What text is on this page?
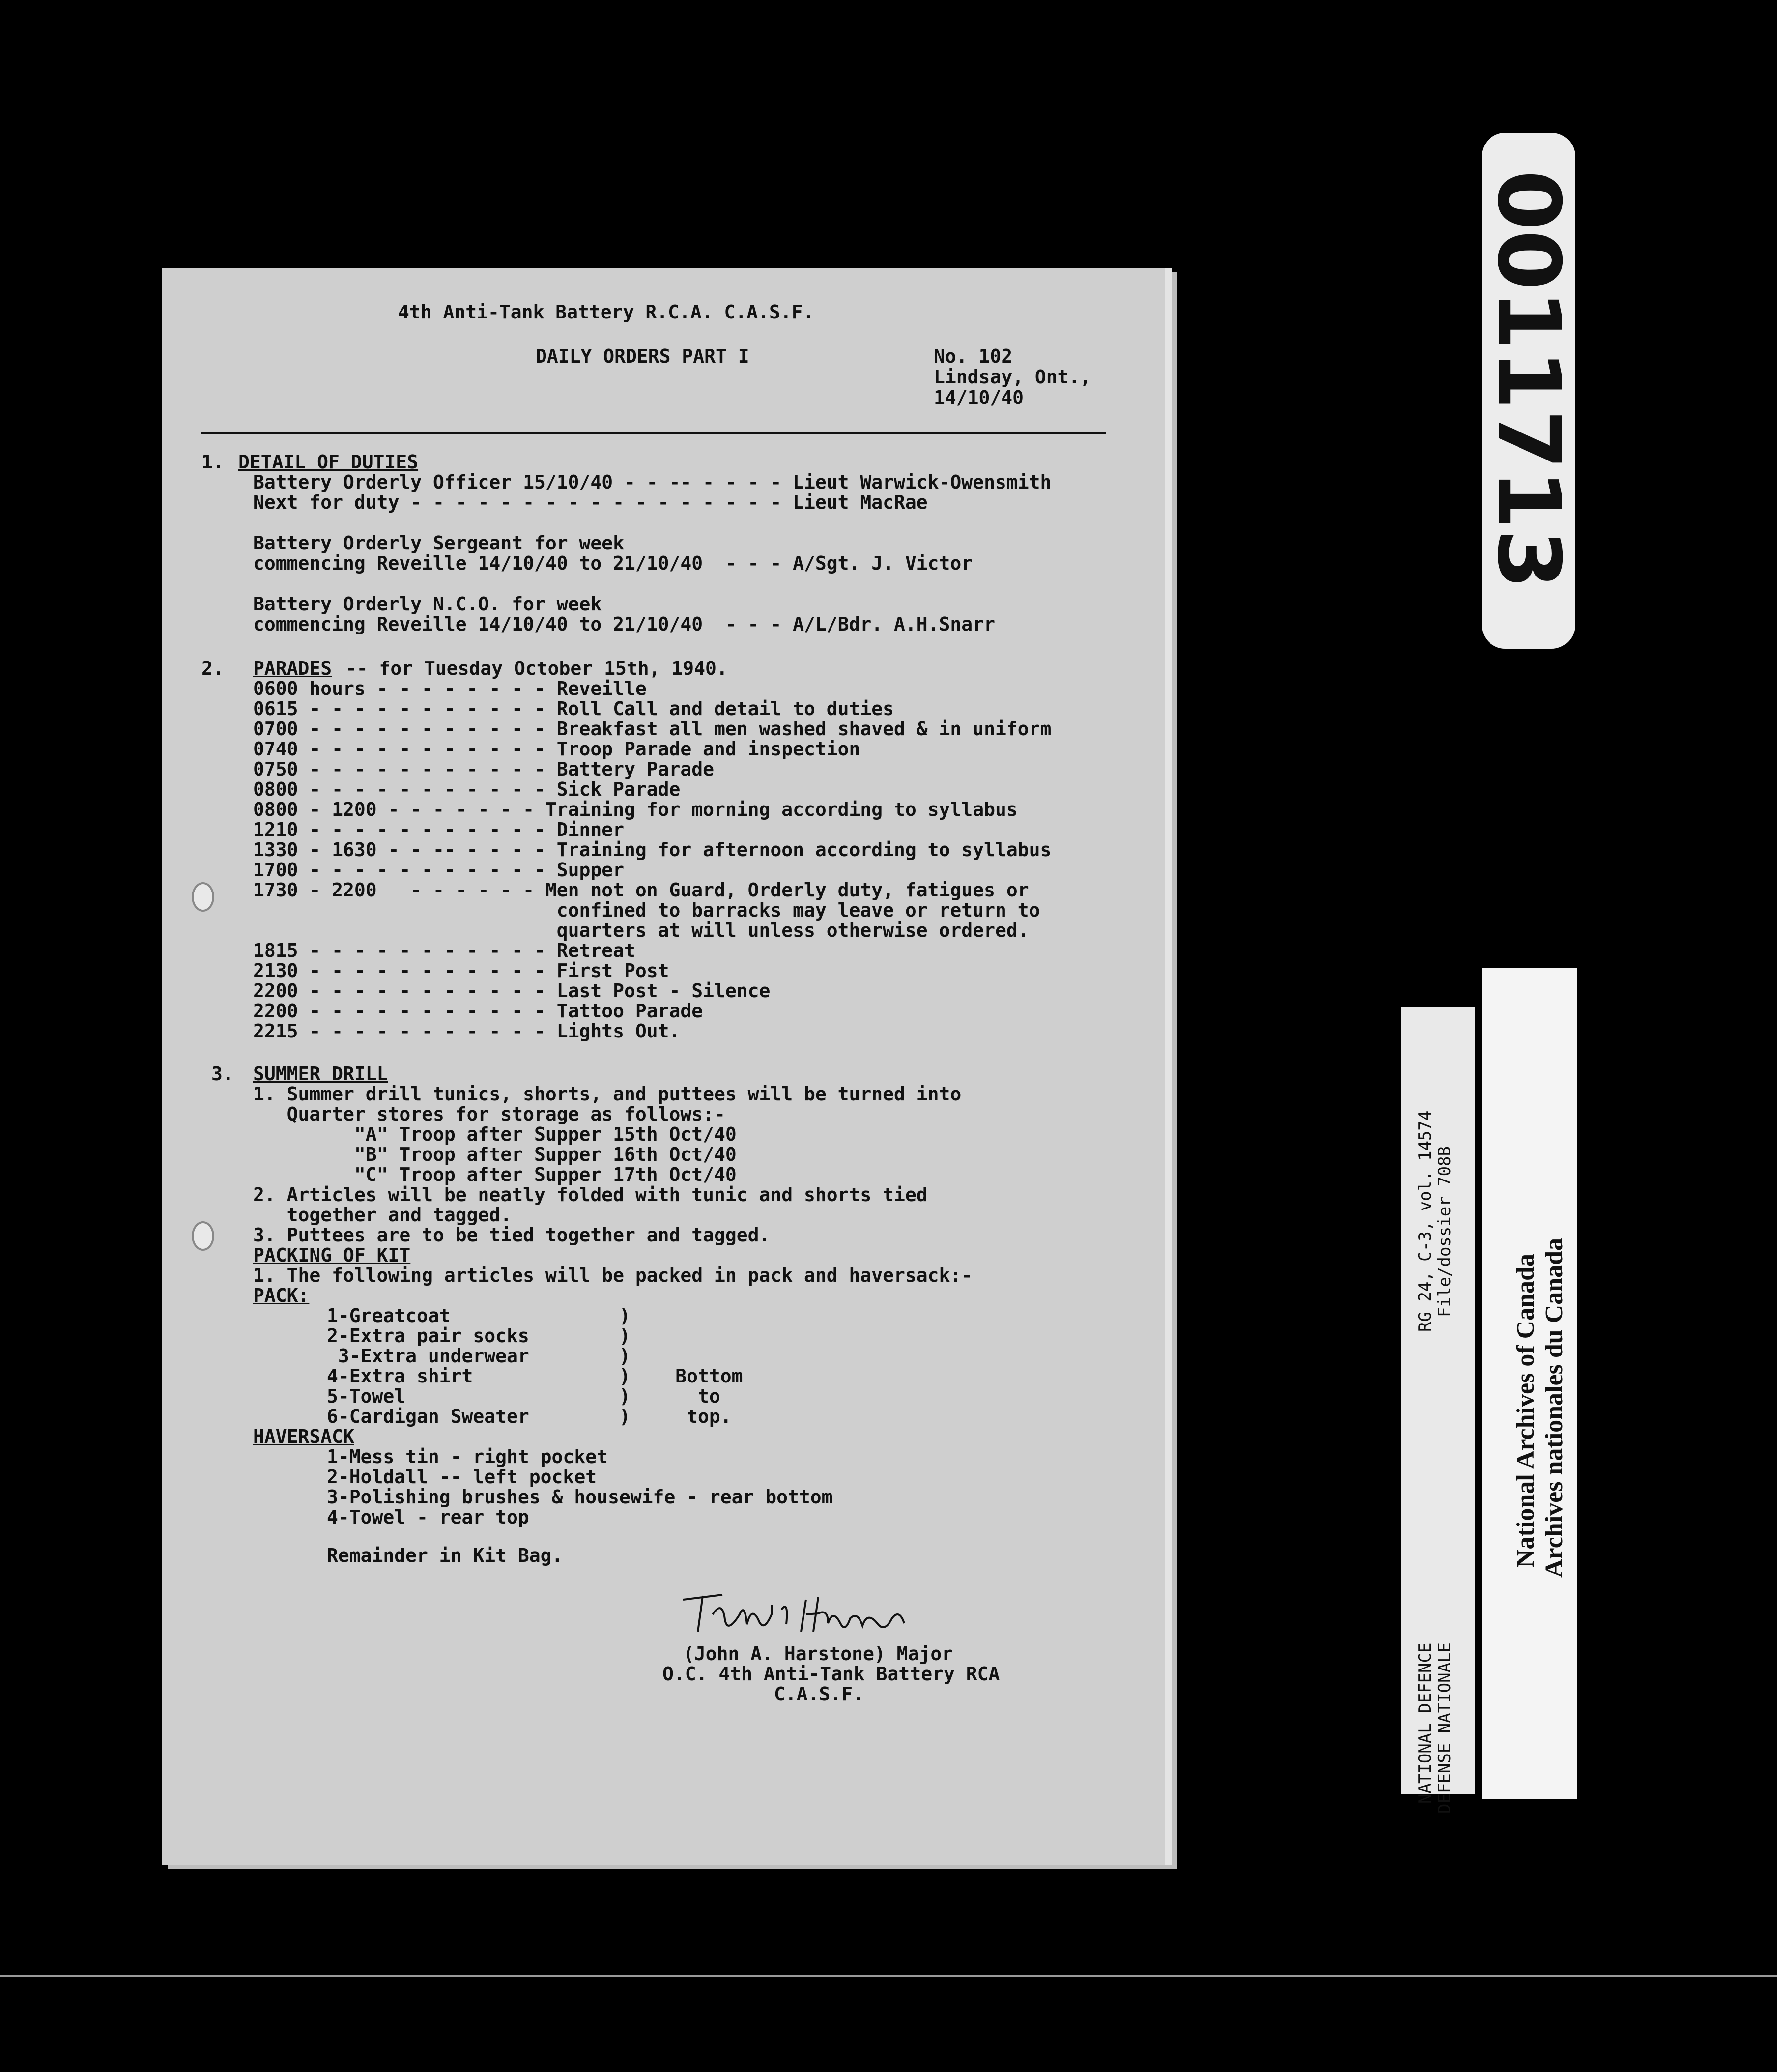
4th Anti-Tank Battery R.C.A. C.A.S.F.
DAILY ORDERS PART I	No. 102
Lindsay, Ont.,
14/10/40
1. DETAIL OF DUTIES
Battery Orderly Officer 15/10/40 - - -- - - - - Lieut Warwick-Owensmith
Next for duty - - - - - - - - - - - - - - - - - Lieut MacRae
Battery Orderly Sergeant for week
commencing Reveille 14/10/40 to 21/10/40  - - - A/Sgt. J. Victor
Battery Orderly N.C.O. for week
commencing Reveille 14/10/40 to 21/10/40  - - - A/L/Bdr. A.H.Snarr
2. PARADES -- for Tuesday October 15th, 1940.
0600 hours - - - - - - - - Reveille
0615 - - - - - - - - - - - Roll Call and detail to duties
0700 - - - - - - - - - - - Breakfast all men washed shaved & in uniform
0740 - - - - - - - - - - - Troop Parade and inspection
0750 - - - - - - - - - - - Battery Parade
0800 - - - - - - - - - - - Sick Parade
0800 - 1200 - - - - - - - Training for morning according to syllabus
1210 - - - - - - - - - - - Dinner
1330 - 1630 - - -- - - - - Training for afternoon according to syllabus
1700 - - - - - - - - - - - Supper
1730 - 2200   - - - - - - Men not on Guard, Orderly duty, fatigues or
confined to barracks may leave or return to
quarters at will unless otherwise ordered.
1815 - - - - - - - - - - - Retreat
2130 - - - - - - - - - - - First Post
2200 - - - - - - - - - - - Last Post - Silence
2200 - - - - - - - - - - - Tattoo Parade
2215 - - - - - - - - - - - Lights Out.
3. SUMMER DRILL
1. Summer drill tunics, shorts, and puttees will be turned into
Quarter stores for storage as follows:-
"A" Troop after Supper 15th Oct/40
"B" Troop after Supper 16th Oct/40
"C" Troop after Supper 17th Oct/40
2. Articles will be neatly folded with tunic and shorts tied
together and tagged.
3. Puttees are to be tied together and tagged.
PACKING OF KIT
1. The following articles will be packed in pack and haversack:-
PACK:
1-Greatcoat               )
2-Extra pair socks        )
3-Extra underwear        )
4-Extra shirt             )    Bottom
5-Towel                   )      to
6-Cardigan Sweater        )     top.
HAVERSACK
1-Mess tin - right pocket
2-Holdall -- left pocket
3-Polishing brushes & housewife - rear bottom
4-Towel - rear top
Remainder in Kit Bag.
(John A. Harstone) Major
O.C. 4th Anti-Tank Battery RCA
C.A.S.F.
0011713
RG 24, C-3, vol. 14574 File/dossier 708B
NATIONAL DEFENCE DEFENSE NATIONALE
National Archives of Canada Archives nationales du Canada
